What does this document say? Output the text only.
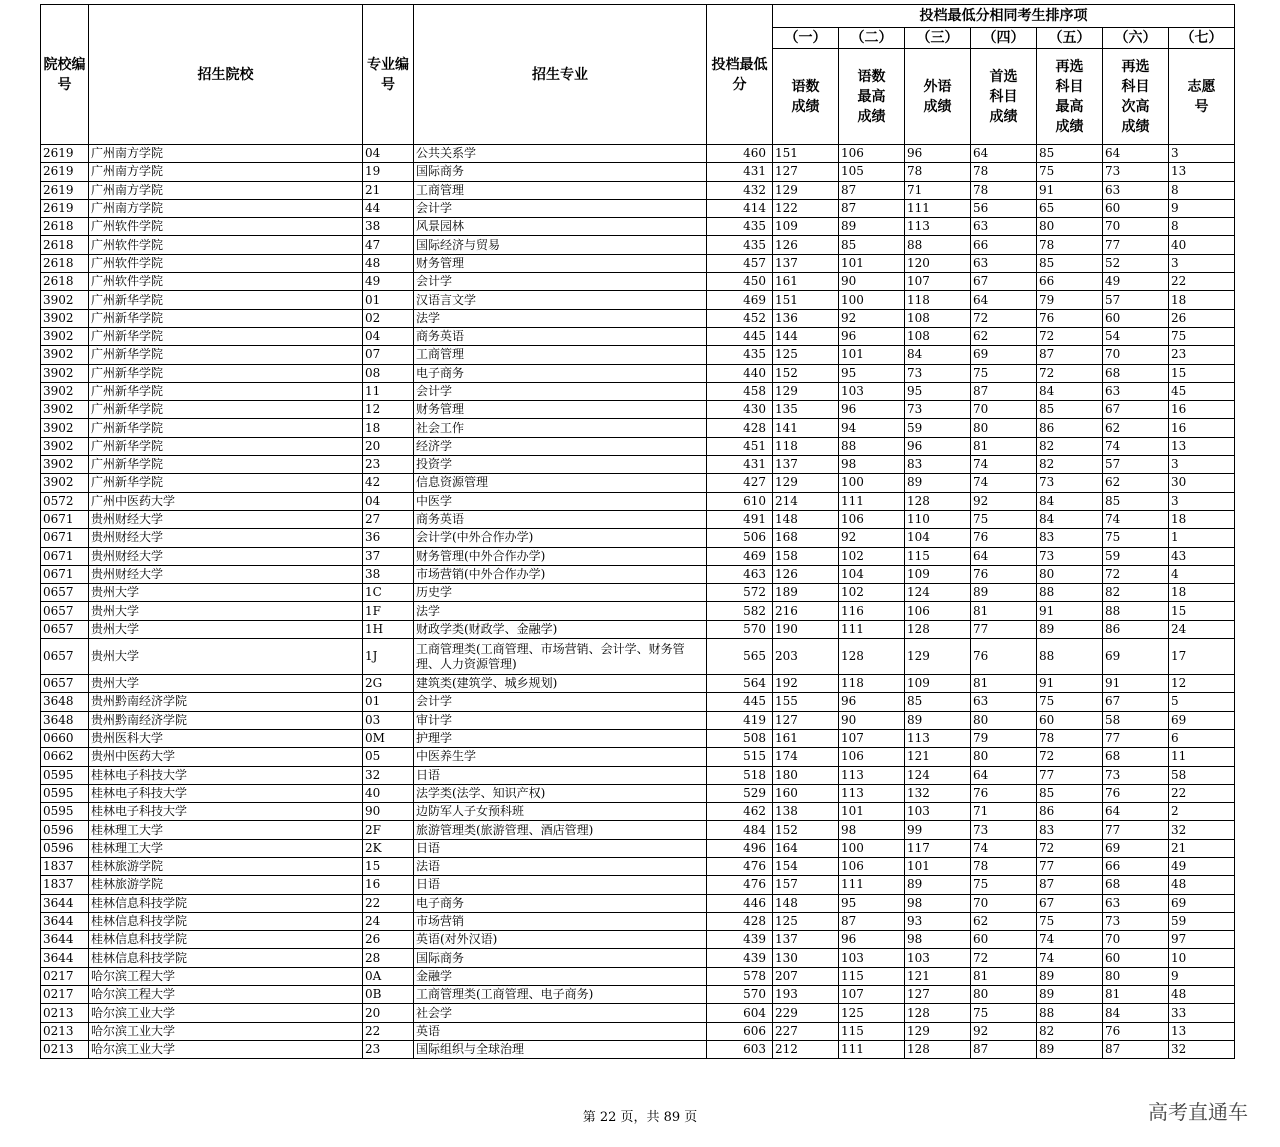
院校编号	招生院校	专业编号	招生专业	投档最低分	投档最低分相同考生排序项						
					（一）	（二）	（三）	（四）	（五）	（六）	（七）
					语数成绩	语数最高成绩	外语成绩	首选科目成绩	再选科目最高成绩	再选科目次高成绩	志愿号
2619	广州南方学院	04	公共关系学	460	151	106	96	64	85	64	3
2619	广州南方学院	19	国际商务	431	127	105	78	78	75	73	13
2619	广州南方学院	21	工商管理	432	129	87	71	78	91	63	8
2619	广州南方学院	44	会计学	414	122	87	111	56	65	60	9
2618	广州软件学院	38	风景园林	435	109	89	113	63	80	70	8
2618	广州软件学院	47	国际经济与贸易	435	126	85	88	66	78	77	40
2618	广州软件学院	48	财务管理	457	137	101	120	63	85	52	3
2618	广州软件学院	49	会计学	450	161	90	107	67	66	49	22
3902	广州新华学院	01	汉语言文学	469	151	100	118	64	79	57	18
3902	广州新华学院	02	法学	452	136	92	108	72	76	60	26
3902	广州新华学院	04	商务英语	445	144	96	108	62	72	54	75
3902	广州新华学院	07	工商管理	435	125	101	84	69	87	70	23
3902	广州新华学院	08	电子商务	440	152	95	73	75	72	68	15
3902	广州新华学院	11	会计学	458	129	103	95	87	84	63	45
3902	广州新华学院	12	财务管理	430	135	96	73	70	85	67	16
3902	广州新华学院	18	社会工作	428	141	94	59	80	86	62	16
3902	广州新华学院	20	经济学	451	118	88	96	81	82	74	13
3902	广州新华学院	23	投资学	431	137	98	83	74	82	57	3
3902	广州新华学院	42	信息资源管理	427	129	100	89	74	73	62	30
0572	广州中医药大学	04	中医学	610	214	111	128	92	84	85	3
0671	贵州财经大学	27	商务英语	491	148	106	110	75	84	74	18
0671	贵州财经大学	36	会计学(中外合作办学)	506	168	92	104	76	83	75	1
0671	贵州财经大学	37	财务管理(中外合作办学)	469	158	102	115	64	73	59	43
0671	贵州财经大学	38	市场营销(中外合作办学)	463	126	104	109	76	80	72	4
0657	贵州大学	1C	历史学	572	189	102	124	89	88	82	18
0657	贵州大学	1F	法学	582	216	116	106	81	91	88	15
0657	贵州大学	1H	财政学类(财政学、金融学)	570	190	111	128	77	89	86	24
0657	贵州大学	1J	工商管理类(工商管理、市场营销、会计学、财务管理、人力资源管理)	565	203	128	129	76	88	69	17
0657	贵州大学	2G	建筑类(建筑学、城乡规划)	564	192	118	109	81	91	91	12
3648	贵州黔南经济学院	01	会计学	445	155	96	85	63	75	67	5
3648	贵州黔南经济学院	03	审计学	419	127	90	89	80	60	58	69
0660	贵州医科大学	0M	护理学	508	161	107	113	79	78	77	6
0662	贵州中医药大学	05	中医养生学	515	174	106	121	80	72	68	11
0595	桂林电子科技大学	32	日语	518	180	113	124	64	77	73	58
0595	桂林电子科技大学	40	法学类(法学、知识产权)	529	160	113	132	76	85	76	22
0595	桂林电子科技大学	90	边防军人子女预科班	462	138	101	103	71	86	64	2
0596	桂林理工大学	2F	旅游管理类(旅游管理、酒店管理)	484	152	98	99	73	83	77	32
0596	桂林理工大学	2K	日语	496	164	100	117	74	72	69	21
1837	桂林旅游学院	15	法语	476	154	106	101	78	77	66	49
1837	桂林旅游学院	16	日语	476	157	111	89	75	87	68	48
3644	桂林信息科技学院	22	电子商务	446	148	95	98	70	67	63	69
3644	桂林信息科技学院	24	市场营销	428	125	87	93	62	75	73	59
3644	桂林信息科技学院	26	英语(对外汉语)	439	137	96	98	60	74	70	97
3644	桂林信息科技学院	28	国际商务	439	130	103	103	72	74	60	10
0217	哈尔滨工程大学	0A	金融学	578	207	115	121	81	89	80	9
0217	哈尔滨工程大学	0B	工商管理类(工商管理、电子商务)	570	193	107	127	80	89	81	48
0213	哈尔滨工业大学	20	社会学	604	229	125	128	75	88	84	33
0213	哈尔滨工业大学	22	英语	606	227	115	129	92	82	76	13
0213	哈尔滨工业大学	23	国际组织与全球治理	603	212	111	128	87	89	87	32
第 22 页，共 89 页	高考直通车
